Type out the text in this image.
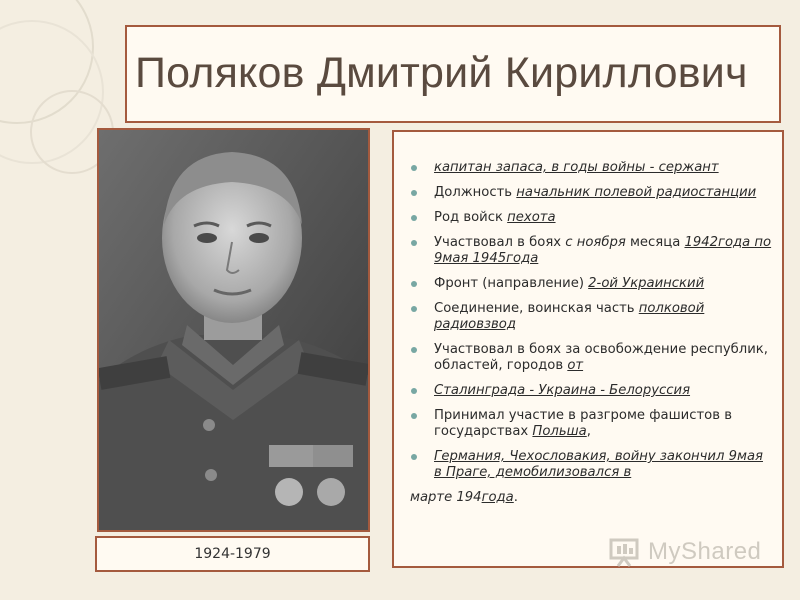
Поляков Дмитрий Кириллович
1924-1979
капитан запаса, в годы войны - сержант
Должность начальник полевой радиостанции
Род войск пехота
Участвовал в боях с ноября месяца 1942года по 9мая 1945года
Фронт (направление) 2-ой Украинский
Соединение, воинская часть полковой радиовзвод
Участвовал в боях за освобождение республик, областей, городов от
Сталинграда - Украина - Белоруссия
Принимал участие в разгроме фашистов в государствах Польша,
Германия, Чехословакия, войну закончил 9мая в Праге, демобилизовался в
марте 194года.
MyShared
